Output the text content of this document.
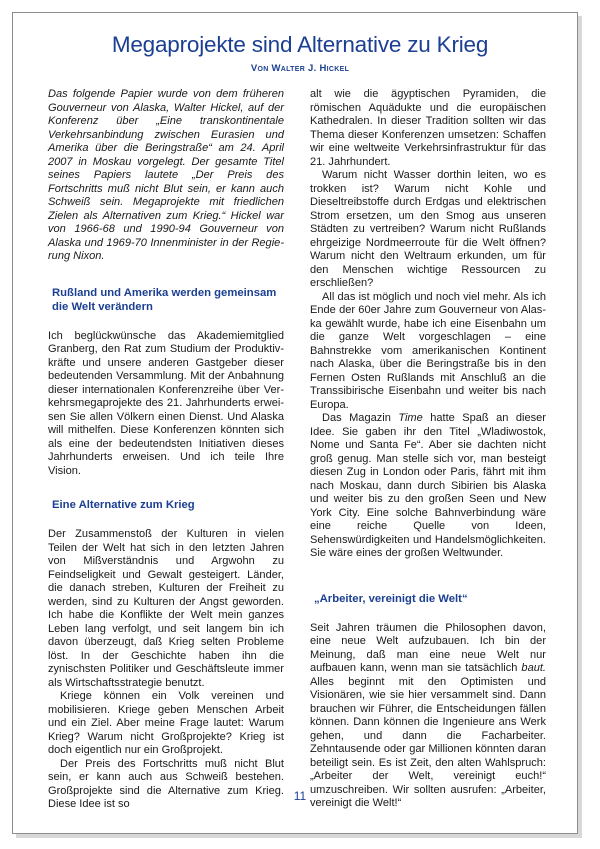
Megaprojekte sind Alternative zu Krieg
Von Walter J. Hickel

Das folgende Papier wurde von dem früheren Gouverneur von Alaska, Walter Hickel, auf der Konferenz über „Eine transkontinentale Verkehrsanbindung zwischen Eurasien und Amerika über die Beringstraße“ am 24. April 2007 in Moskau vorgelegt. Der gesamte Titel seines Papiers lautete „Der Preis des Fortschritts muß nicht Blut sein, er kann auch Schweiß sein. Megaprojekte mit friedlichen Zielen als Alternativen zum Krieg.“ Hickel war von 1966-68 und 1990-94 Gouverneur von Alaska und 1969-70 Innenminister in der Regierung Nixon.

Rußland und Amerika werden gemeinsam die Welt verändern

Ich beglückwünsche das Akademiemitglied Granberg, den Rat zum Studium der Produktivkräfte und unsere anderen Gastgeber dieser bedeutenden Versammlung. Mit der Anbahnung dieser internationalen Konferenzreihe über Verkehrsmegaprojekte des 21. Jahrhunderts erweisen Sie allen Völkern einen Dienst. Und Alaska will mithelfen. Diese Konferenzen könnten sich als eine der bedeutendsten Initiativen dieses Jahrhunderts erweisen. Und ich teile Ihre Vision.

Eine Alternative zum Krieg

Der Zusammenstoß der Kulturen in vielen Teilen der Welt hat sich in den letzten Jahren von Mißverständnis und Argwohn zu Feindseligkeit und Gewalt gesteigert. Länder, die danach streben, Kulturen der Freiheit zu werden, sind zu Kulturen der Angst geworden. Ich habe die Konflikte der Welt mein ganzes Leben lang verfolgt, und seit langem bin ich davon überzeugt, daß Krieg selten Probleme löst. In der Geschichte haben ihn die zynischsten Politiker und Geschäftsleute immer als Wirtschaftsstrategie benutzt.

Kriege können ein Volk vereinen und mobilisieren. Kriege geben Menschen Arbeit und ein Ziel. Aber meine Frage lautet: Warum Krieg? Warum nicht Großprojekte? Krieg ist doch eigentlich nur ein Großprojekt.

Der Preis des Fortschritts muß nicht Blut sein, er kann auch aus Schweiß bestehen. Großprojekte sind die Alternative zum Krieg. Diese Idee ist so

alt wie die ägyptischen Pyramiden, die römischen Aquädukte und die europäischen Kathedralen. In dieser Tradition sollten wir das Thema dieser Konferenzen umsetzen: Schaffen wir eine weltweite Verkehrsinfrastruktur für das 21. Jahrhundert.

Warum nicht Wasser dorthin leiten, wo es trokken ist? Warum nicht Kohle und Dieseltreibstoffe durch Erdgas und elektrischen Strom ersetzen, um den Smog aus unseren Städten zu vertreiben? Warum nicht Rußlands ehrgeizige Nordmeerroute für die Welt öffnen? Warum nicht den Weltraum erkunden, um für den Menschen wichtige Ressourcen zu erschließen?

All das ist möglich und noch viel mehr. Als ich Ende der 60er Jahre zum Gouverneur von Alaska gewählt wurde, habe ich eine Eisenbahn um die ganze Welt vorgeschlagen – eine Bahnstrekke vom amerikanischen Kontinent nach Alaska, über die Beringstraße bis in den Fernen Osten Rußlands mit Anschluß an die Transsibirische Eisenbahn und weiter bis nach Europa.

Das Magazin Time hatte Spaß an dieser Idee. Sie gaben ihr den Titel „Wladiwostok, Nome und Santa Fe“. Aber sie dachten nicht groß genug. Man stelle sich vor, man besteigt diesen Zug in London oder Paris, fährt mit ihm nach Moskau, dann durch Sibirien bis Alaska und weiter bis zu den großen Seen und New York City. Eine solche Bahnverbindung wäre eine reiche Quelle von Ideen, Sehenswürdigkeiten und Handelsmöglichkeiten. Sie wäre eines der großen Weltwunder.

„Arbeiter, vereinigt die Welt“

Seit Jahren träumen die Philosophen davon, eine neue Welt aufzubauen. Ich bin der Meinung, daß man eine neue Welt nur aufbauen kann, wenn man sie tatsächlich baut. Alles beginnt mit den Optimisten und Visionären, wie sie hier versammelt sind. Dann brauchen wir Führer, die Entscheidungen fällen können. Dann können die Ingenieure ans Werk gehen, und dann die Facharbeiter. Zehntausende oder gar Millionen könnten daran beteiligt sein. Es ist Zeit, den alten Wahlspruch: „Arbeiter der Welt, vereinigt euch!“ umzuschreiben. Wir sollten ausrufen: „Arbeiter, vereinigt die Welt!“

11
